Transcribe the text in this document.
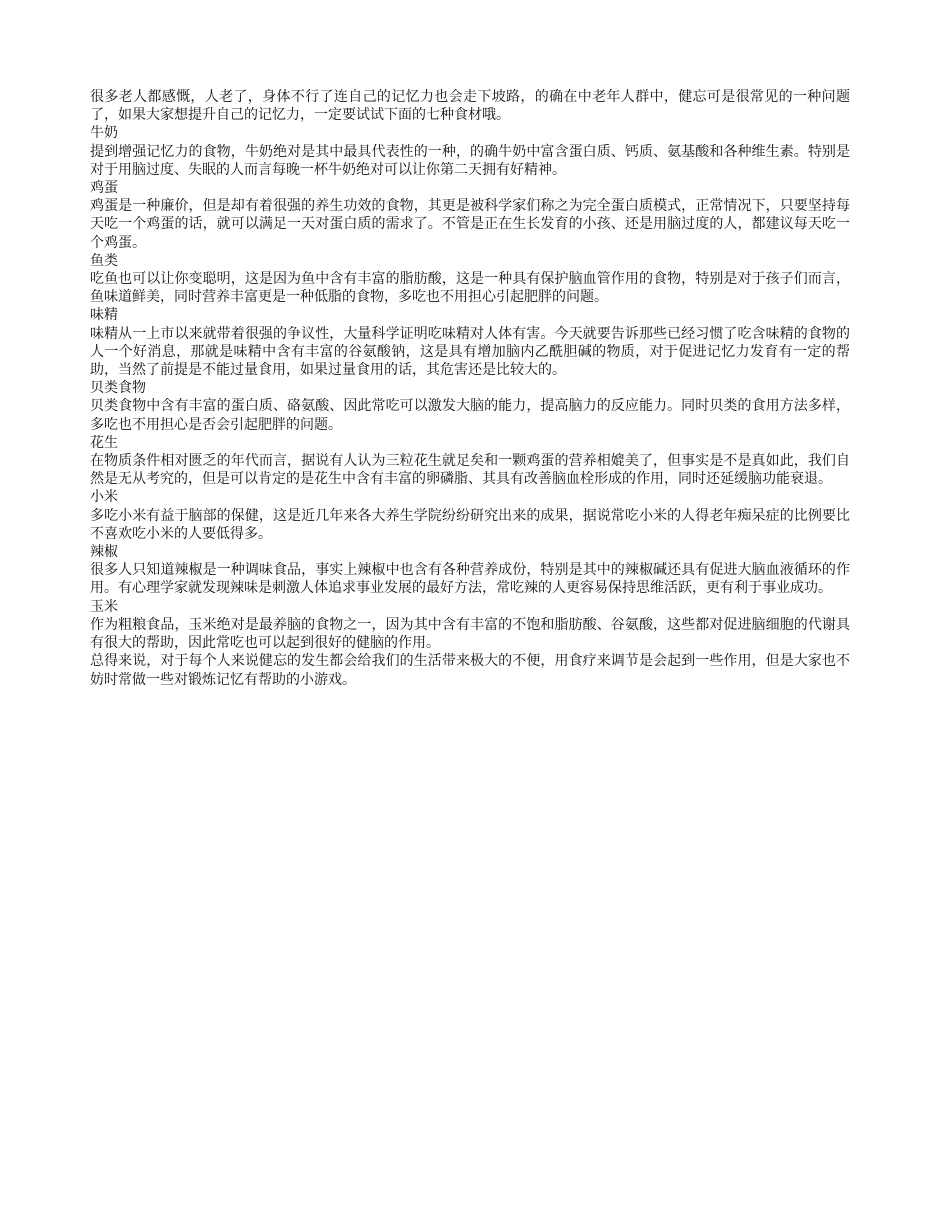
很多老人都感慨，人老了，身体不行了连自己的记忆力也会走下坡路，的确在中老年人群中，健忘可是很常见的一种问题了，如果大家想提升自己的记忆力，一定要试试下面的七种食材哦。

牛奶

提到增强记忆力的食物，牛奶绝对是其中最具代表性的一种，的确牛奶中富含蛋白质、钙质、氨基酸和各种维生素。特别是对于用脑过度、失眠的人而言每晚一杯牛奶绝对可以让你第二天拥有好精神。

鸡蛋

鸡蛋是一种廉价，但是却有着很强的养生功效的食物，其更是被科学家们称之为完全蛋白质模式，正常情况下，只要坚持每天吃一个鸡蛋的话，就可以满足一天对蛋白质的需求了。不管是正在生长发育的小孩、还是用脑过度的人，都建议每天吃一个鸡蛋。

鱼类

吃鱼也可以让你变聪明，这是因为鱼中含有丰富的脂肪酸，这是一种具有保护脑血管作用的食物，特别是对于孩子们而言，鱼味道鲜美，同时营养丰富更是一种低脂的食物，多吃也不用担心引起肥胖的问题。

味精

味精从一上市以来就带着很强的争议性，大量科学证明吃味精对人体有害。今天就要告诉那些已经习惯了吃含味精的食物的人一个好消息，那就是味精中含有丰富的谷氨酸钠，这是具有增加脑内乙酰胆碱的物质，对于促进记忆力发育有一定的帮助，当然了前提是不能过量食用，如果过量食用的话，其危害还是比较大的。

贝类食物

贝类食物中含有丰富的蛋白质、硌氨酸、因此常吃可以激发大脑的能力，提高脑力的反应能力。同时贝类的食用方法多样，多吃也不用担心是否会引起肥胖的问题。

花生

在物质条件相对匮乏的年代而言，据说有人认为三粒花生就足矣和一颗鸡蛋的营养相媲美了，但事实是不是真如此，我们自然是无从考究的，但是可以肯定的是花生中含有丰富的卵磷脂、其具有改善脑血栓形成的作用，同时还延缓脑功能衰退。

小米

多吃小米有益于脑部的保健，这是近几年来各大养生学院纷纷研究出来的成果，据说常吃小米的人得老年痴呆症的比例要比不喜欢吃小米的人要低得多。

辣椒

很多人只知道辣椒是一种调味食品，事实上辣椒中也含有各种营养成份，特别是其中的辣椒碱还具有促进大脑血液循环的作用。有心理学家就发现辣味是刺激人体追求事业发展的最好方法，常吃辣的人更容易保持思维活跃，更有利于事业成功。

玉米

作为粗粮食品，玉米绝对是最养脑的食物之一，因为其中含有丰富的不饱和脂肪酸、谷氨酸，这些都对促进脑细胞的代谢具有很大的帮助，因此常吃也可以起到很好的健脑的作用。

总得来说，对于每个人来说健忘的发生都会给我们的生活带来极大的不便，用食疗来调节是会起到一些作用，但是大家也不妨时常做一些对锻炼记忆有帮助的小游戏。
